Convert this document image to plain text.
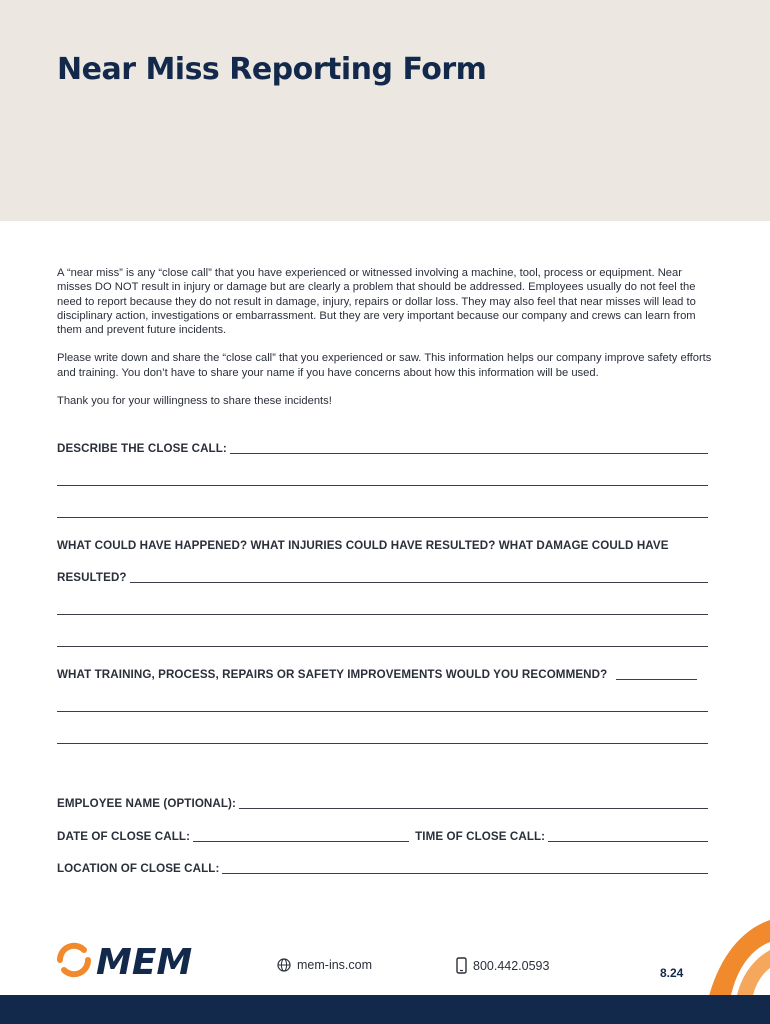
Near Miss Reporting Form

A “near miss” is any “close call” that you have experienced or witnessed involving a machine, tool, process or equipment. Near misses DO NOT result in injury or damage but are clearly a problem that should be addressed. Employees usually do not feel the need to report because they do not result in damage, injury, repairs or dollar loss. They may also feel that near misses will lead to disciplinary action, investigations or embarrassment. But they are very important because our company and crews can learn from them and prevent future incidents.

Please write down and share the “close call” that you experienced or saw. This information helps our company improve safety efforts and training. You don’t have to share your name if you have concerns about how this information will be used.

Thank you for your willingness to share these incidents!

DESCRIBE THE CLOSE CALL:
WHAT COULD HAVE HAPPENED? WHAT INJURIES COULD HAVE RESULTED? WHAT DAMAGE COULD HAVE
RESULTED?
WHAT TRAINING, PROCESS, REPAIRS OR SAFETY IMPROVEMENTS WOULD YOU RECOMMEND?
EMPLOYEE NAME (OPTIONAL):
DATE OF CLOSE CALL:	TIME OF CLOSE CALL:
LOCATION OF CLOSE CALL:
MEM	mem-ins.com	800.442.0593
8.24
